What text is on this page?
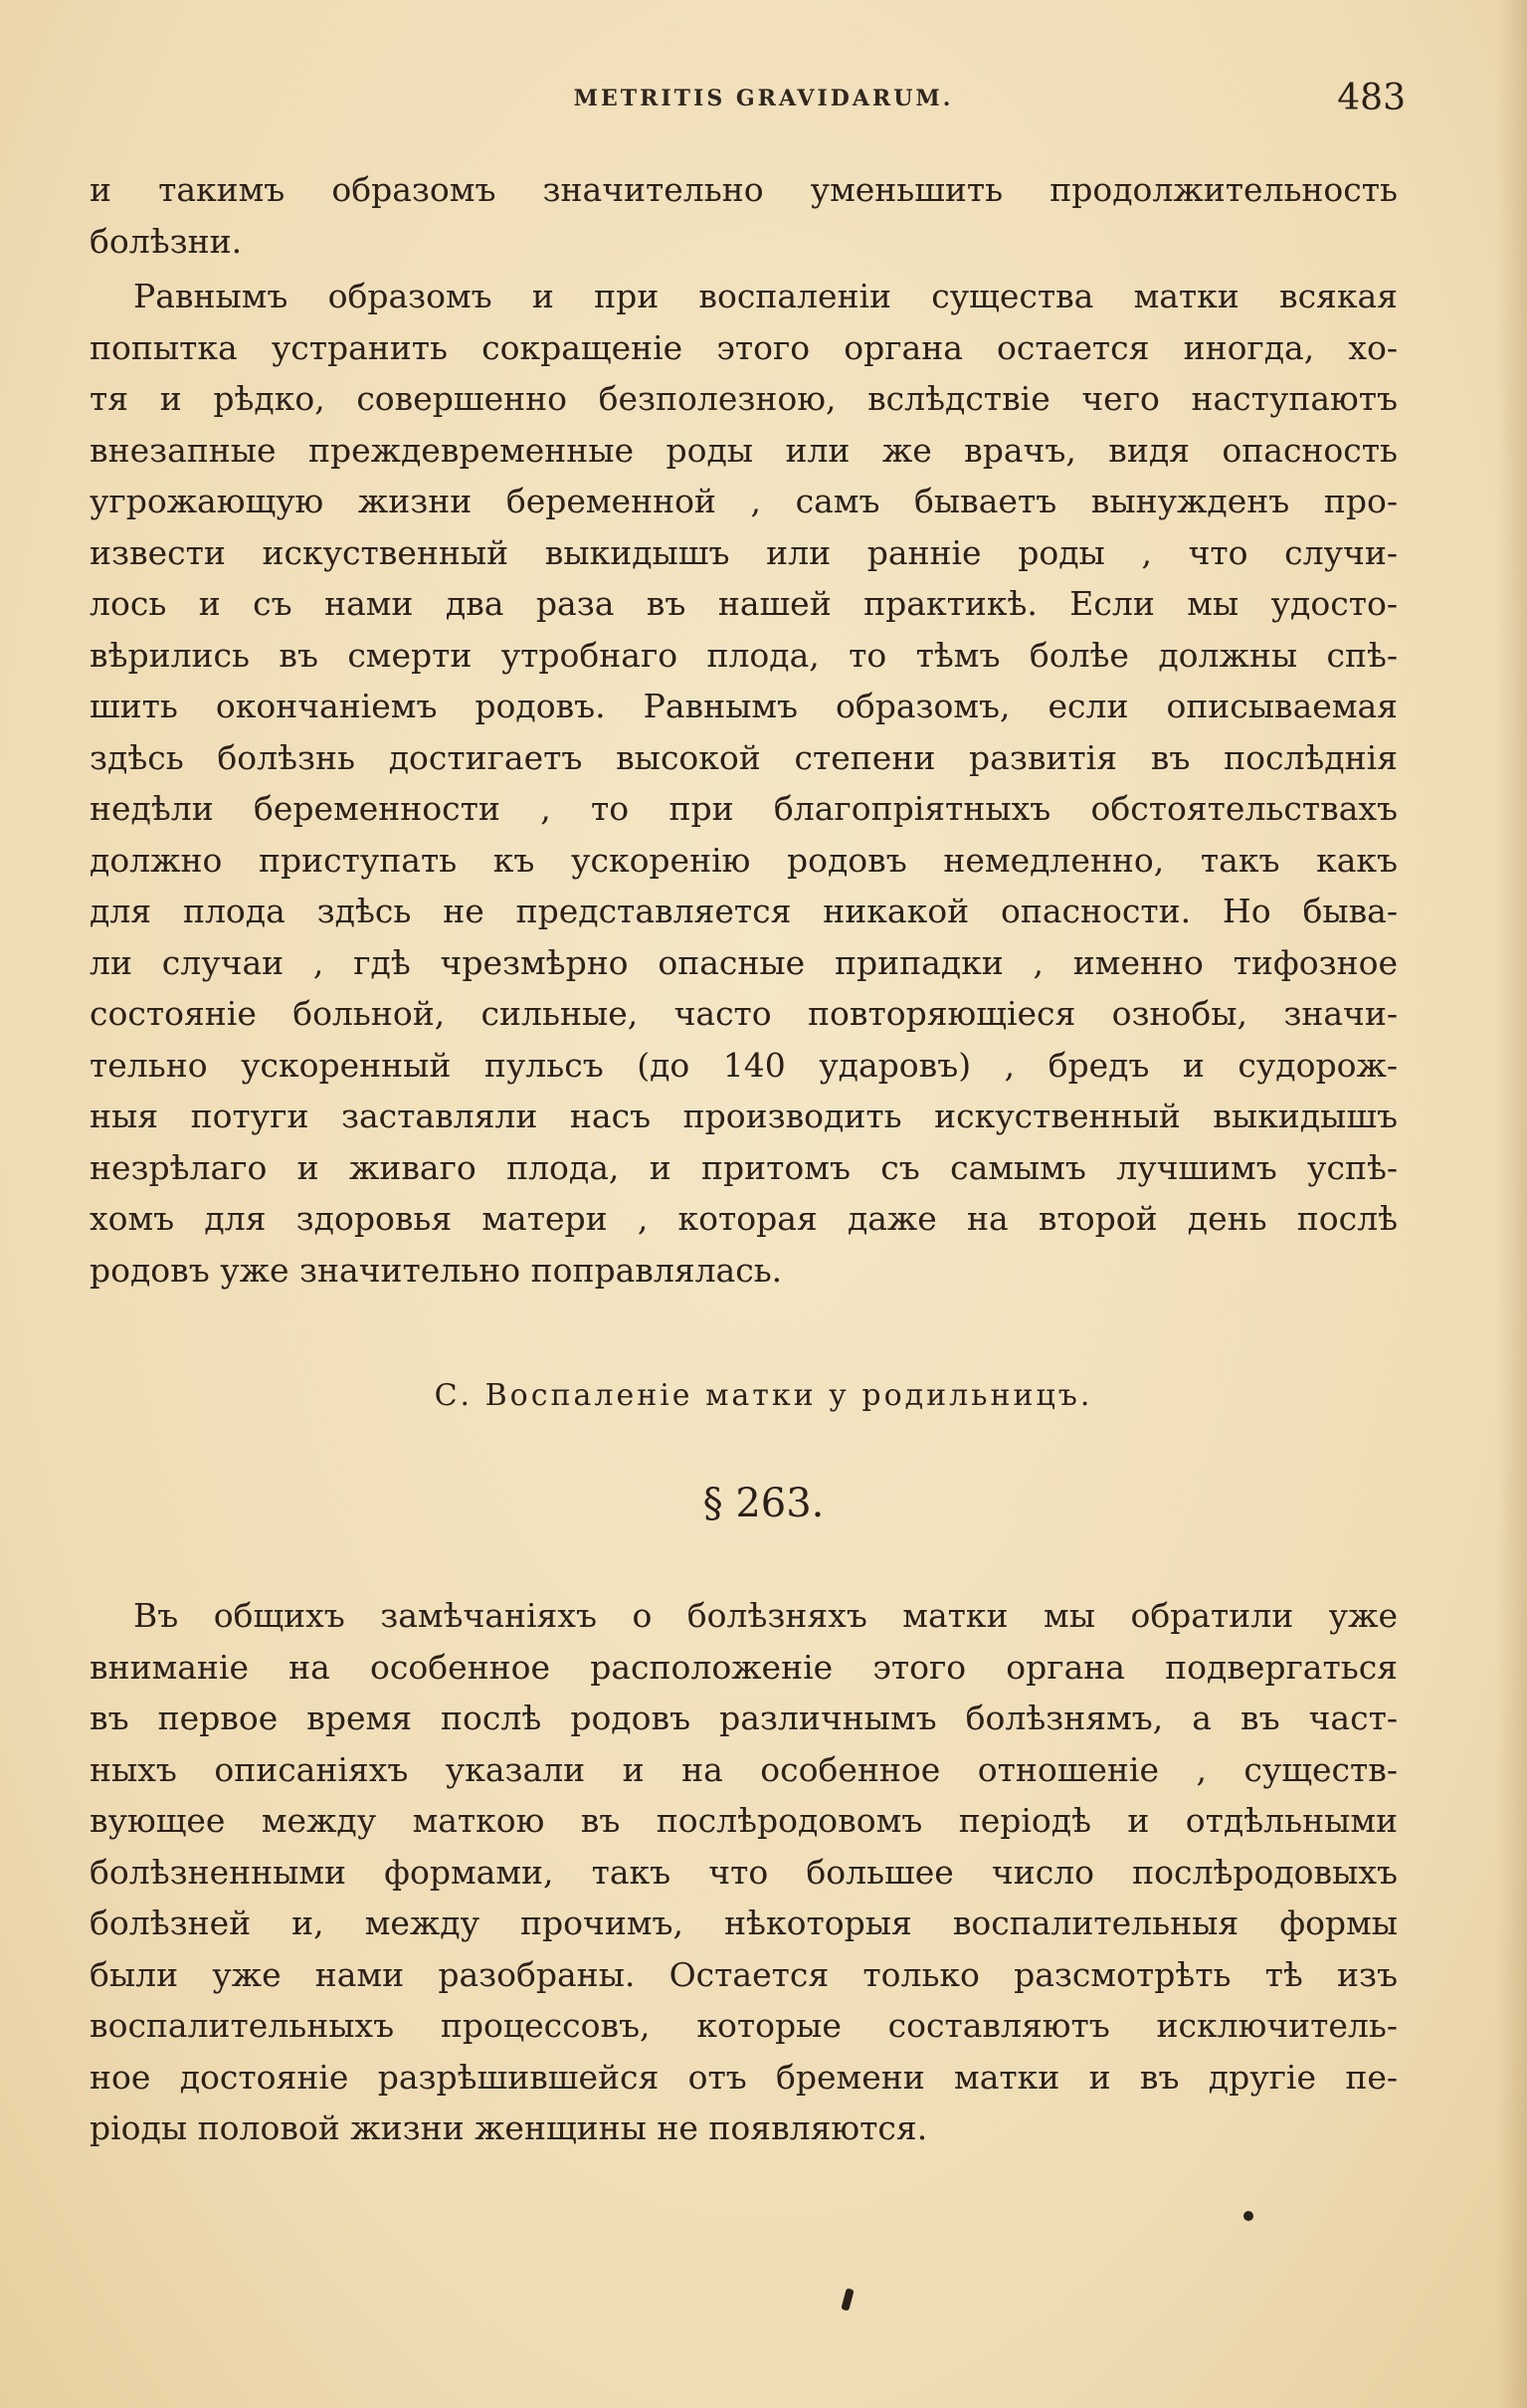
METRITIS GRAVIDARUM.	483
и такимъ образомъ значительно уменьшить продолжительность
болѣзни.
Равнымъ образомъ и при воспаленіи существа матки всякая
попытка устранить сокращеніе этого органа остается иногда, хо-
тя и рѣдко, совершенно безполезною, вслѣдствіе чего наступаютъ
внезапные преждевременные роды или же врачъ, видя опасность
угрожающую жизни беременной , самъ бываетъ вынужденъ про-
извести искуственный выкидышъ или ранніе роды , что случи-
лось и съ нами два раза въ нашей практикѣ. Если мы удосто-
вѣрились въ смерти утробнаго плода, то тѣмъ болѣе должны спѣ-
шить окончаніемъ родовъ. Равнымъ образомъ, если описываемая
здѣсь болѣзнь достигаетъ высокой степени развитія въ послѣднія
недѣли беременности , то при благопріятныхъ обстоятельствахъ
должно приступать къ ускоренію родовъ немедленно, такъ какъ
для плода здѣсь не представляется никакой опасности. Но быва-
ли случаи , гдѣ чрезмѣрно опасные припадки , именно тифозное
состояніе больной, сильные, часто повторяющіеся ознобы, значи-
тельно ускоренный пульсъ (до 140 ударовъ) , бредъ и судорож-
ныя потуги заставляли насъ производить искуственный выкидышъ
незрѣлаго и живаго плода, и притомъ съ самымъ лучшимъ успѣ-
хомъ для здоровья матери , которая даже на второй день послѣ
родовъ уже значительно поправлялась.
С. Воспаленіе матки у родильницъ.
§ 263.
Въ общихъ замѣчаніяхъ о болѣзняхъ матки мы обратили уже
вниманіе на особенное расположеніе этого органа подвергаться
въ первое время послѣ родовъ различнымъ болѣзнямъ, а въ част-
ныхъ описаніяхъ указали и на особенное отношеніе , существ-
вующее между маткою въ послѣродовомъ періодѣ и отдѣльными
болѣзненными формами, такъ что большее число послѣродовыхъ
болѣзней и, между прочимъ, нѣкоторыя воспалительныя формы
были уже нами разобраны. Остается только разсмотрѣть тѣ изъ
воспалительныхъ процессовъ, которые составляютъ исключитель-
ное достояніе разрѣшившейся отъ бремени матки и въ другіе пе-
ріоды половой жизни женщины не появляются.
